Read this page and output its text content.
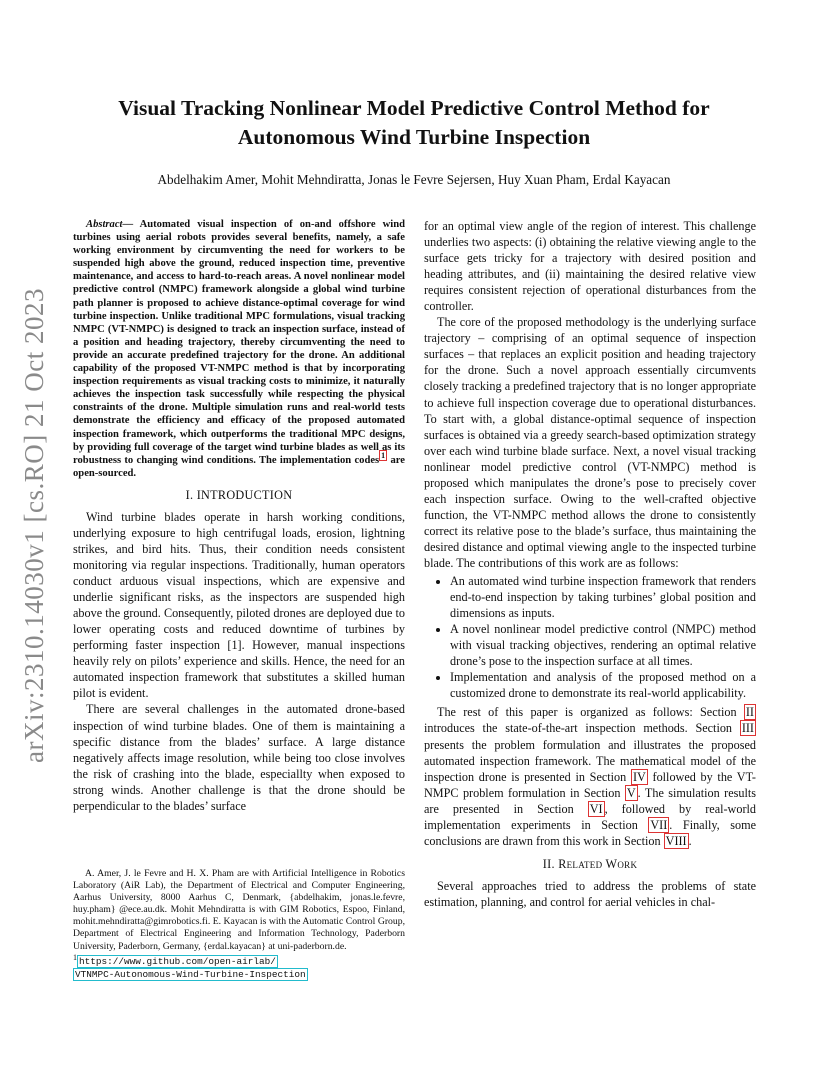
arXiv:2310.14030v1 [cs.RO] 21 Oct 2023
Visual Tracking Nonlinear Model Predictive Control Method for
Autonomous Wind Turbine Inspection
Abdelhakim Amer, Mohit Mehndiratta, Jonas le Fevre Sejersen, Huy Xuan Pham, Erdal Kayacan

Abstract— Automated visual inspection of on-and offshore wind turbines using aerial robots provides several benefits, namely, a safe working environment by circumventing the need for workers to be suspended high above the ground, reduced inspection time, preventive maintenance, and access to hard-to-reach areas. A novel nonlinear model predictive control (NMPC) framework alongside a global wind turbine path planner is proposed to achieve distance-optimal coverage for wind turbine inspection. Unlike traditional MPC formulations, visual tracking NMPC (VT-NMPC) is designed to track an inspection surface, instead of a position and heading trajectory, thereby circumventing the need to provide an accurate predefined trajectory for the drone. An additional capability of the proposed VT-NMPC method is that by incorporating inspection requirements as visual tracking costs to minimize, it naturally achieves the inspection task successfully while respecting the physical constraints of the drone. Multiple simulation runs and real-world tests demonstrate the efficiency and efficacy of the proposed automated inspection framework, which outperforms the traditional MPC designs, by providing full coverage of the target wind turbine blades as well as its robustness to changing wind conditions. The implementation codes $^1$ are open-sourced.

I. INTRODUCTION

Wind turbine blades operate in harsh working conditions, underlying exposure to high centrifugal loads, erosion, lightning strikes, and bird hits. Thus, their condition needs consistent monitoring via regular inspections. Traditionally, human operators conduct arduous visual inspections, which are expensive and underlie significant risks, as the inspectors are suspended high above the ground. Consequently, piloted drones are deployed due to lower operating costs and reduced downtime of turbines by performing faster inspection [1]. However, manual inspections heavily rely on pilots’ experience and skills. Hence, the need for an automated inspection framework that substitutes a skilled human pilot is evident.

There are several challenges in the automated drone-based inspection of wind turbine blades. One of them is maintaining a specific distance from the blades’ surface. A large distance negatively affects image resolution, while being too close involves the risk of crashing into the blade, especiallty when exposed to strong winds. Another challenge is that the drone should be perpendicular to the blades’ surface

A. Amer, J. le Fevre and H. X. Pham are with Artificial Intelligence in Robotics Laboratory (AiR Lab), the Department of Electrical and Computer Engineering, Aarhus University, 8000 Aarhus C, Denmark, {abdelhakim, jonas.le.fevre, huy.pham} @ece.au.dk. Mohit Mehndiratta is with GIM Robotics, Espoo, Finland, mohit.mehndiratta@gimrobotics.fi. E. Kayacan is with the Automatic Control Group, Department of Electrical Engineering and Information Technology, Paderborn University, Paderborn, Germany, {erdal.kayacan} at uni-paderborn.de.

$^1$ https://www.github.com/open-airlab/
VTNMPC-Autonomous-Wind-Turbine-Inspection

for an optimal view angle of the region of interest. This challenge underlies two aspects: (i) obtaining the relative viewing angle to the surface gets tricky for a trajectory with desired position and heading attributes, and (ii) maintaining the desired relative view requires consistent rejection of operational disturbances from the controller.

The core of the proposed methodology is the underlying surface trajectory – comprising of an optimal sequence of inspection surfaces – that replaces an explicit position and heading trajectory for the drone. Such a novel approach essentially circumvents closely tracking a predefined trajectory that is no longer appropriate to achieve full inspection coverage due to operational disturbances. To start with, a global distance-optimal sequence of inspection surfaces is obtained via a greedy search-based optimization strategy over each wind turbine blade surface. Next, a novel visual tracking nonlinear model predictive control (VT-NMPC) method is proposed which manipulates the drone’s pose to precisely cover each inspection surface. Owing to the well-crafted objective function, the VT-NMPC method allows the drone to consistently correct its relative pose to the blade’s surface, thus maintaining the desired distance and optimal viewing angle to the inspected turbine blade. The contributions of this work are as follows:

• An automated wind turbine inspection framework that renders end-to-end inspection by taking turbines’ global position and dimensions as inputs.
• A novel nonlinear model predictive control (NMPC) method with visual tracking objectives, rendering an optimal relative drone’s pose to the inspection surface at all times.
• Implementation and analysis of the proposed method on a customized drone to demonstrate its real-world applicability.

The rest of this paper is organized as follows: Section II introduces the state-of-the-art inspection methods. Section III presents the problem formulation and illustrates the proposed automated inspection framework. The mathematical model of the inspection drone is presented in Section IV followed by the VT-NMPC problem formulation in Section V . The simulation results are presented in Section VI , followed by real-world implementation experiments in Section VII . Finally, some conclusions are drawn from this work in Section VIII .

II. Related Work

Several approaches tried to address the problems of state estimation, planning, and control for aerial vehicles in chal-
